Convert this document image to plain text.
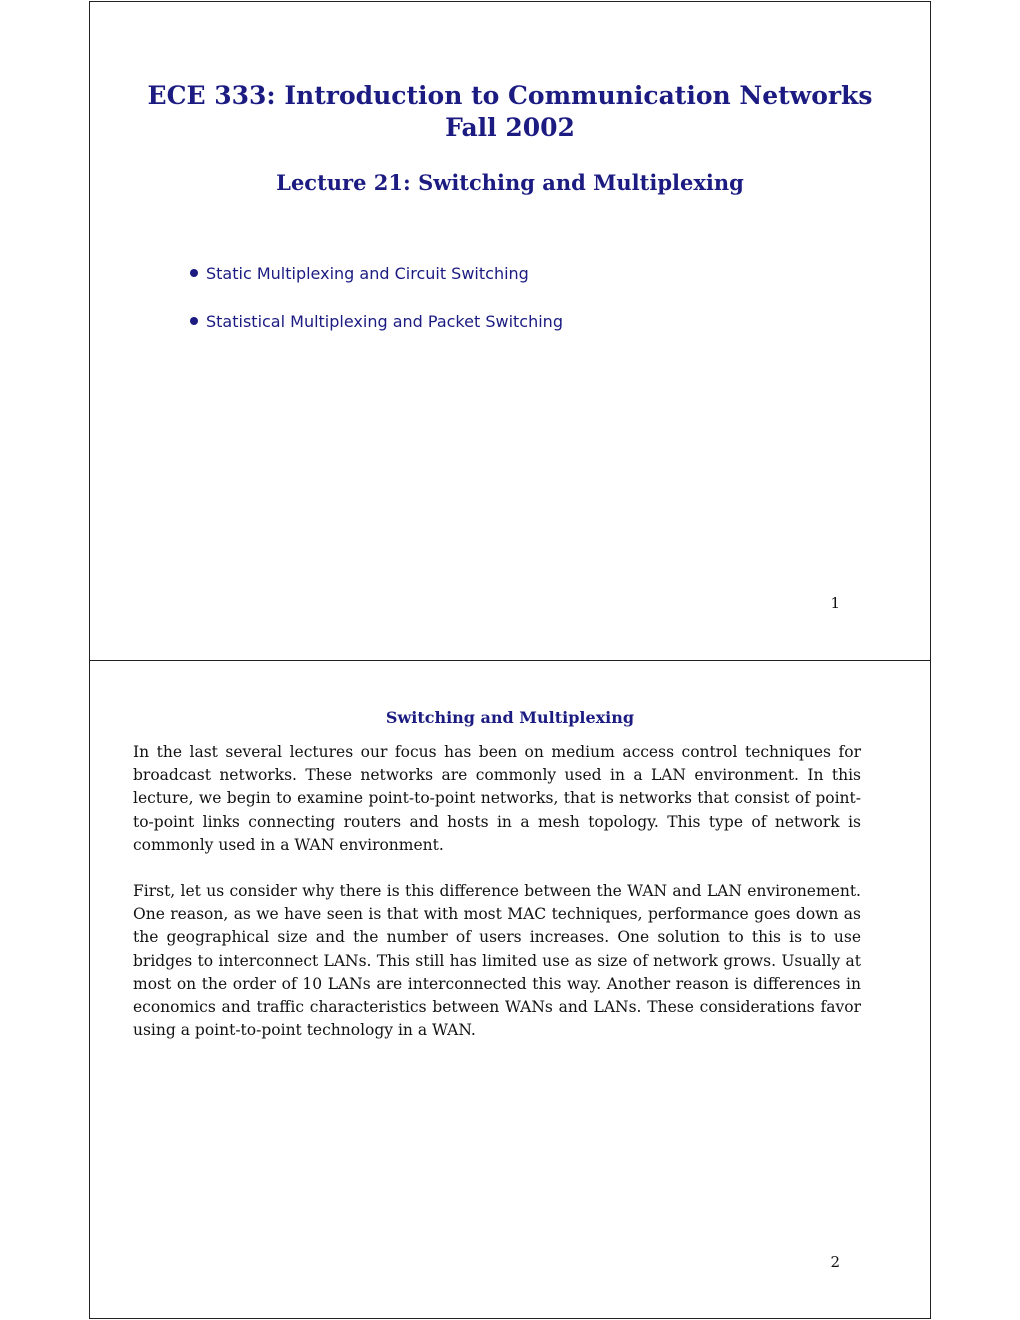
ECE 333: Introduction to Communication Networks
Fall 2002
Lecture 21: Switching and Multiplexing
Static Multiplexing and Circuit Switching
Statistical Multiplexing and Packet Switching
1
Switching and Multiplexing

In the last several lectures our focus has been on medium access control techniques for broadcast networks. These networks are commonly used in a LAN environment. In this lecture, we begin to examine point-to-point networks, that is networks that consist of point-to-point links connecting routers and hosts in a mesh topology. This type of network is commonly used in a WAN environment.

First, let us consider why there is this difference between the WAN and LAN environement. One reason, as we have seen is that with most MAC techniques, performance goes down as the geographical size and the number of users increases. One solution to this is to use bridges to interconnect LANs. This still has limited use as size of network grows. Usually at most on the order of 10 LANs are interconnected this way. Another reason is differences in economics and traffic characteristics between WANs and LANs. These considerations favor using a point-to-point technology in a WAN.

2
